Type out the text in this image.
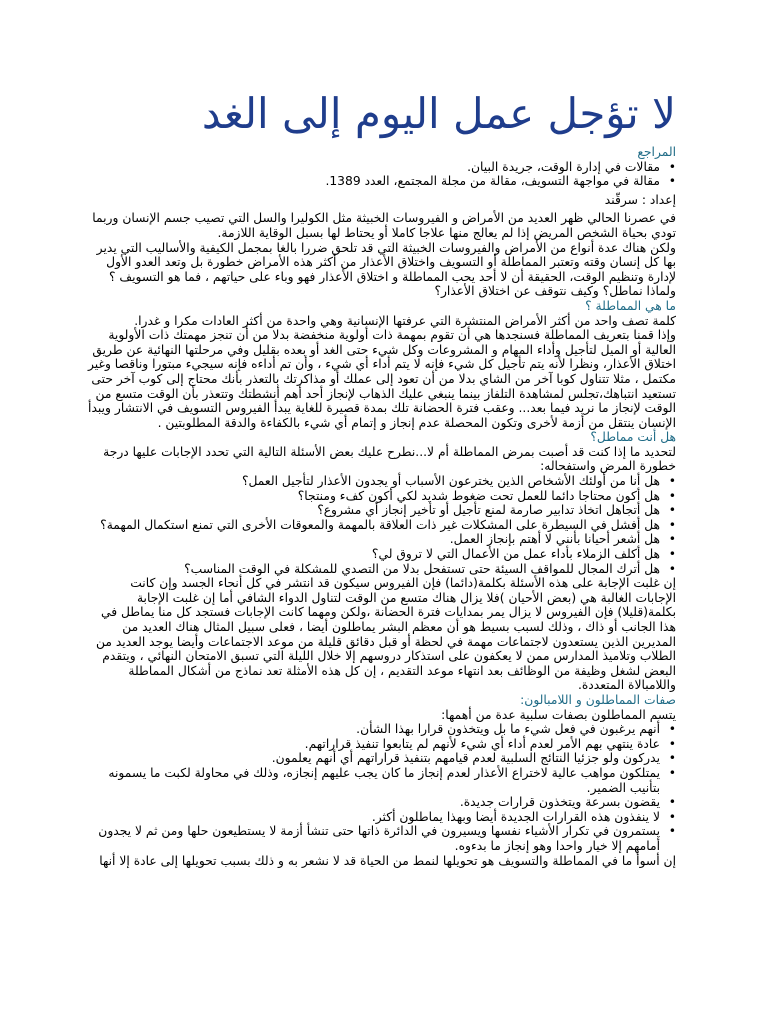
لا تؤجل عمل اليوم إلى الغد

المراجع

• مقالات في إدارة الوقت، جريدة البيان.
• مقالة في مواجهة التسويف، مقالة من مجلة المجتمع، العدد 1389.

إعداد : سرقّند

في عصرنا الحالي ظهر العديد من الأمراض و الفيروسات الخبيثة مثل الكوليرا والسل التي تصيب جسم الإنسان وربما تودي بحياة الشخص المريض إذا لم يعالج منها علاجا كاملا أو يحتاط لها بسبل الوقاية اللازمة.

ولكن هناك عدة أنواع من الأمراض والفيروسات الخبيثة التي قد تلحق ضررا بالغا بمجمل الكيفية والأساليب التي يدير بها كل إنسان وقته وتعتبر المماطلة أو التسويف واختلاق الأعذار من أكثر هذه الأمراض خطورة بل وتعد العدو الأول لإدارة وتنظيم الوقت، الحقيقة أن لا أحد يحب المماطلة و اختلاق الأعذار فهو وباء على حياتهم ، فما هو التسويف ؟ ولماذا نماطل؟ وكيف نتوقف عن اختلاق الأعذار؟

ما هي المماطلة ؟

كلمة تصف واحد من أكثر الأمراض المنتشرة التي عرفتها الإنسانية وهي واحدة من أكثر العادات مكرا و غدرا.

وإذا قمنا بتعريف المماطلة فسنجدها هي أن تقوم بمهمة ذات أولوية منخفضة بدلا من أن تنجز مهمتك ذات الأولوية العالية أو الميل لتأجيل وأداء المهام و المشروعات وكل شيء حتى الغد أو بعده بقليل وفي مرحلتها النهائية عن طريق اختلاق الأعذار، ونظرا لأنه يتم تأجيل كل شيء فإنه لا يتم أداء أي شيء ، وأن تم أداءه فإنه سيجيء مبتورا وناقصا وغير مكتمل ، مثلا تتناول كوبا آخر من الشاي بدلا من أن تعود إلى عملك أو مذاكرتك بالتعذر بأنك محتاج إلى كوب آخر حتى تستعيد انتباهك،تجلس لمشاهدة التلفاز بينما ينبغي عليك الذهاب لإنجاز أحد أهم أنشطتك وتتعذر بأن الوقت متسع من الوقت لإنجاز ما نريد فيما بعد... وعقب فترة الحضانة تلك بمدة قصيرة للغاية يبدأ الفيروس التسويف في الانتشار ويبدأ الإنسان ينتقل من أزمة لأخرى وتكون المحصلة عدم إنجاز و إتمام أي شيء بالكفاءة والدقة المطلوبتين .

هل أنت مماطل؟

لتحديد ما إذا كنت قد أصبت بمرض المماطلة أم لا...نطرح عليك بعض الأسئلة التالية التي تحدد الإجابات عليها درجة خطورة المرض واستفحاله:

• هل أنا من أولئك الأشخاص الذين يخترعون الأسباب أو يجدون الأعذار لتأجيل العمل؟
• هل أكون محتاجا دائما للعمل تحت ضغوط شديد لكي أكون كفء ومنتجا؟
• هل أتجاهل اتخاذ تدابير صارمة لمنع تأجيل أو تأخير إنجاز أي مشروع؟
• هل أفشل في السيطرة على المشكلات غير ذات العلاقة بالمهمة والمعوقات الأخرى التي تمنع استكمال المهمة؟
• هل أشعر أحيانا بأنني لا أهتم بإنجاز العمل.
• هل أكلف الزملاء بأداء عمل من الأعمال التي لا تروق لي؟
• هل أترك المجال للمواقف السيئة حتى تستفحل بدلا من التصدي للمشكلة في الوقت المناسب؟

إن غلبت الإجابة على هذه الأسئلة بكلمة(دائما) فإن الفيروس سيكون قد انتشر في كل أنحاء الجسد وإن كانت الإجابات الغالبة هي (بعض الأحيان )فلا يزال هناك متسع من الوقت لتناول الدواء الشافي أما إن غلبت الإجابة بكلمة(قليلا) فإن الفيروس لا يزال يمر بمدايات فترة الحضانة ،ولكن ومهما كانت الإجابات فستجد كل منا يماطل في هذا الجانب أو ذاك ، وذلك لسبب بسيط هو أن معظم البشر يماطلون أيضا ، فعلى سبيل المثال هناك العديد من المديرين الذين يستعدون لاجتماعات مهمة في لحظة أو قبل دقائق قليلة من موعد الاجتماعات وأيضا يوجد العديد من الطلاب وتلاميذ المدارس ممن لا يعكفون على استذكار دروسهم إلا خلال الليلة التي تسبق الامتحان النهائي ، ويتقدم البعض لشغل وظيفة من الوظائف بعد انتهاء موعد التقديم ، إن كل هذه الأمثلة تعد نماذج من أشكال المماطلة واللامبالاة المتعددة.

صفات المماطلون و اللامبالون:

يتسم المماطلون بصفات سلبية عدة من أهمها:

• أنهم يرغبون في فعل شيء ما بل ويتخذون قرارا بهذا الشأن.
• عادة ينتهي بهم الأمر لعدم أداء أي شيء لأنهم لم يتابعوا تنفيذ قراراتهم.
• يدركون ولو جزئيا النتائج السلبية لعدم قيامهم بتنفيذ قراراتهم أي أنهم يعلمون.
• يمتلكون مواهب عالية لاختراع الأعذار لعدم إنجاز ما كان يجب عليهم إنجازه، وذلك في محاولة لكبت ما يسمونه بتأنيب الضمير.
• يقضون بسرعة ويتخذون قرارات جديدة.
• لا ينفذون هذه القرارات الجديدة أيضا وبهذا يماطلون أكثر.
• يستمرون في تكرار الأشياء نفسها ويسيرون في الدائرة ذاتها حتى تنشأ أزمة لا يستطيعون حلها ومن ثم لا يجدون أمامهم إلا خيار واحدا وهو إنجاز ما بدءوه.

إن أسوأ ما في المماطلة والتسويف هو تحويلها لنمط من الحياة قد لا نشعر به و ذلك بسبب تحويلها إلى عادة إلا أنها
